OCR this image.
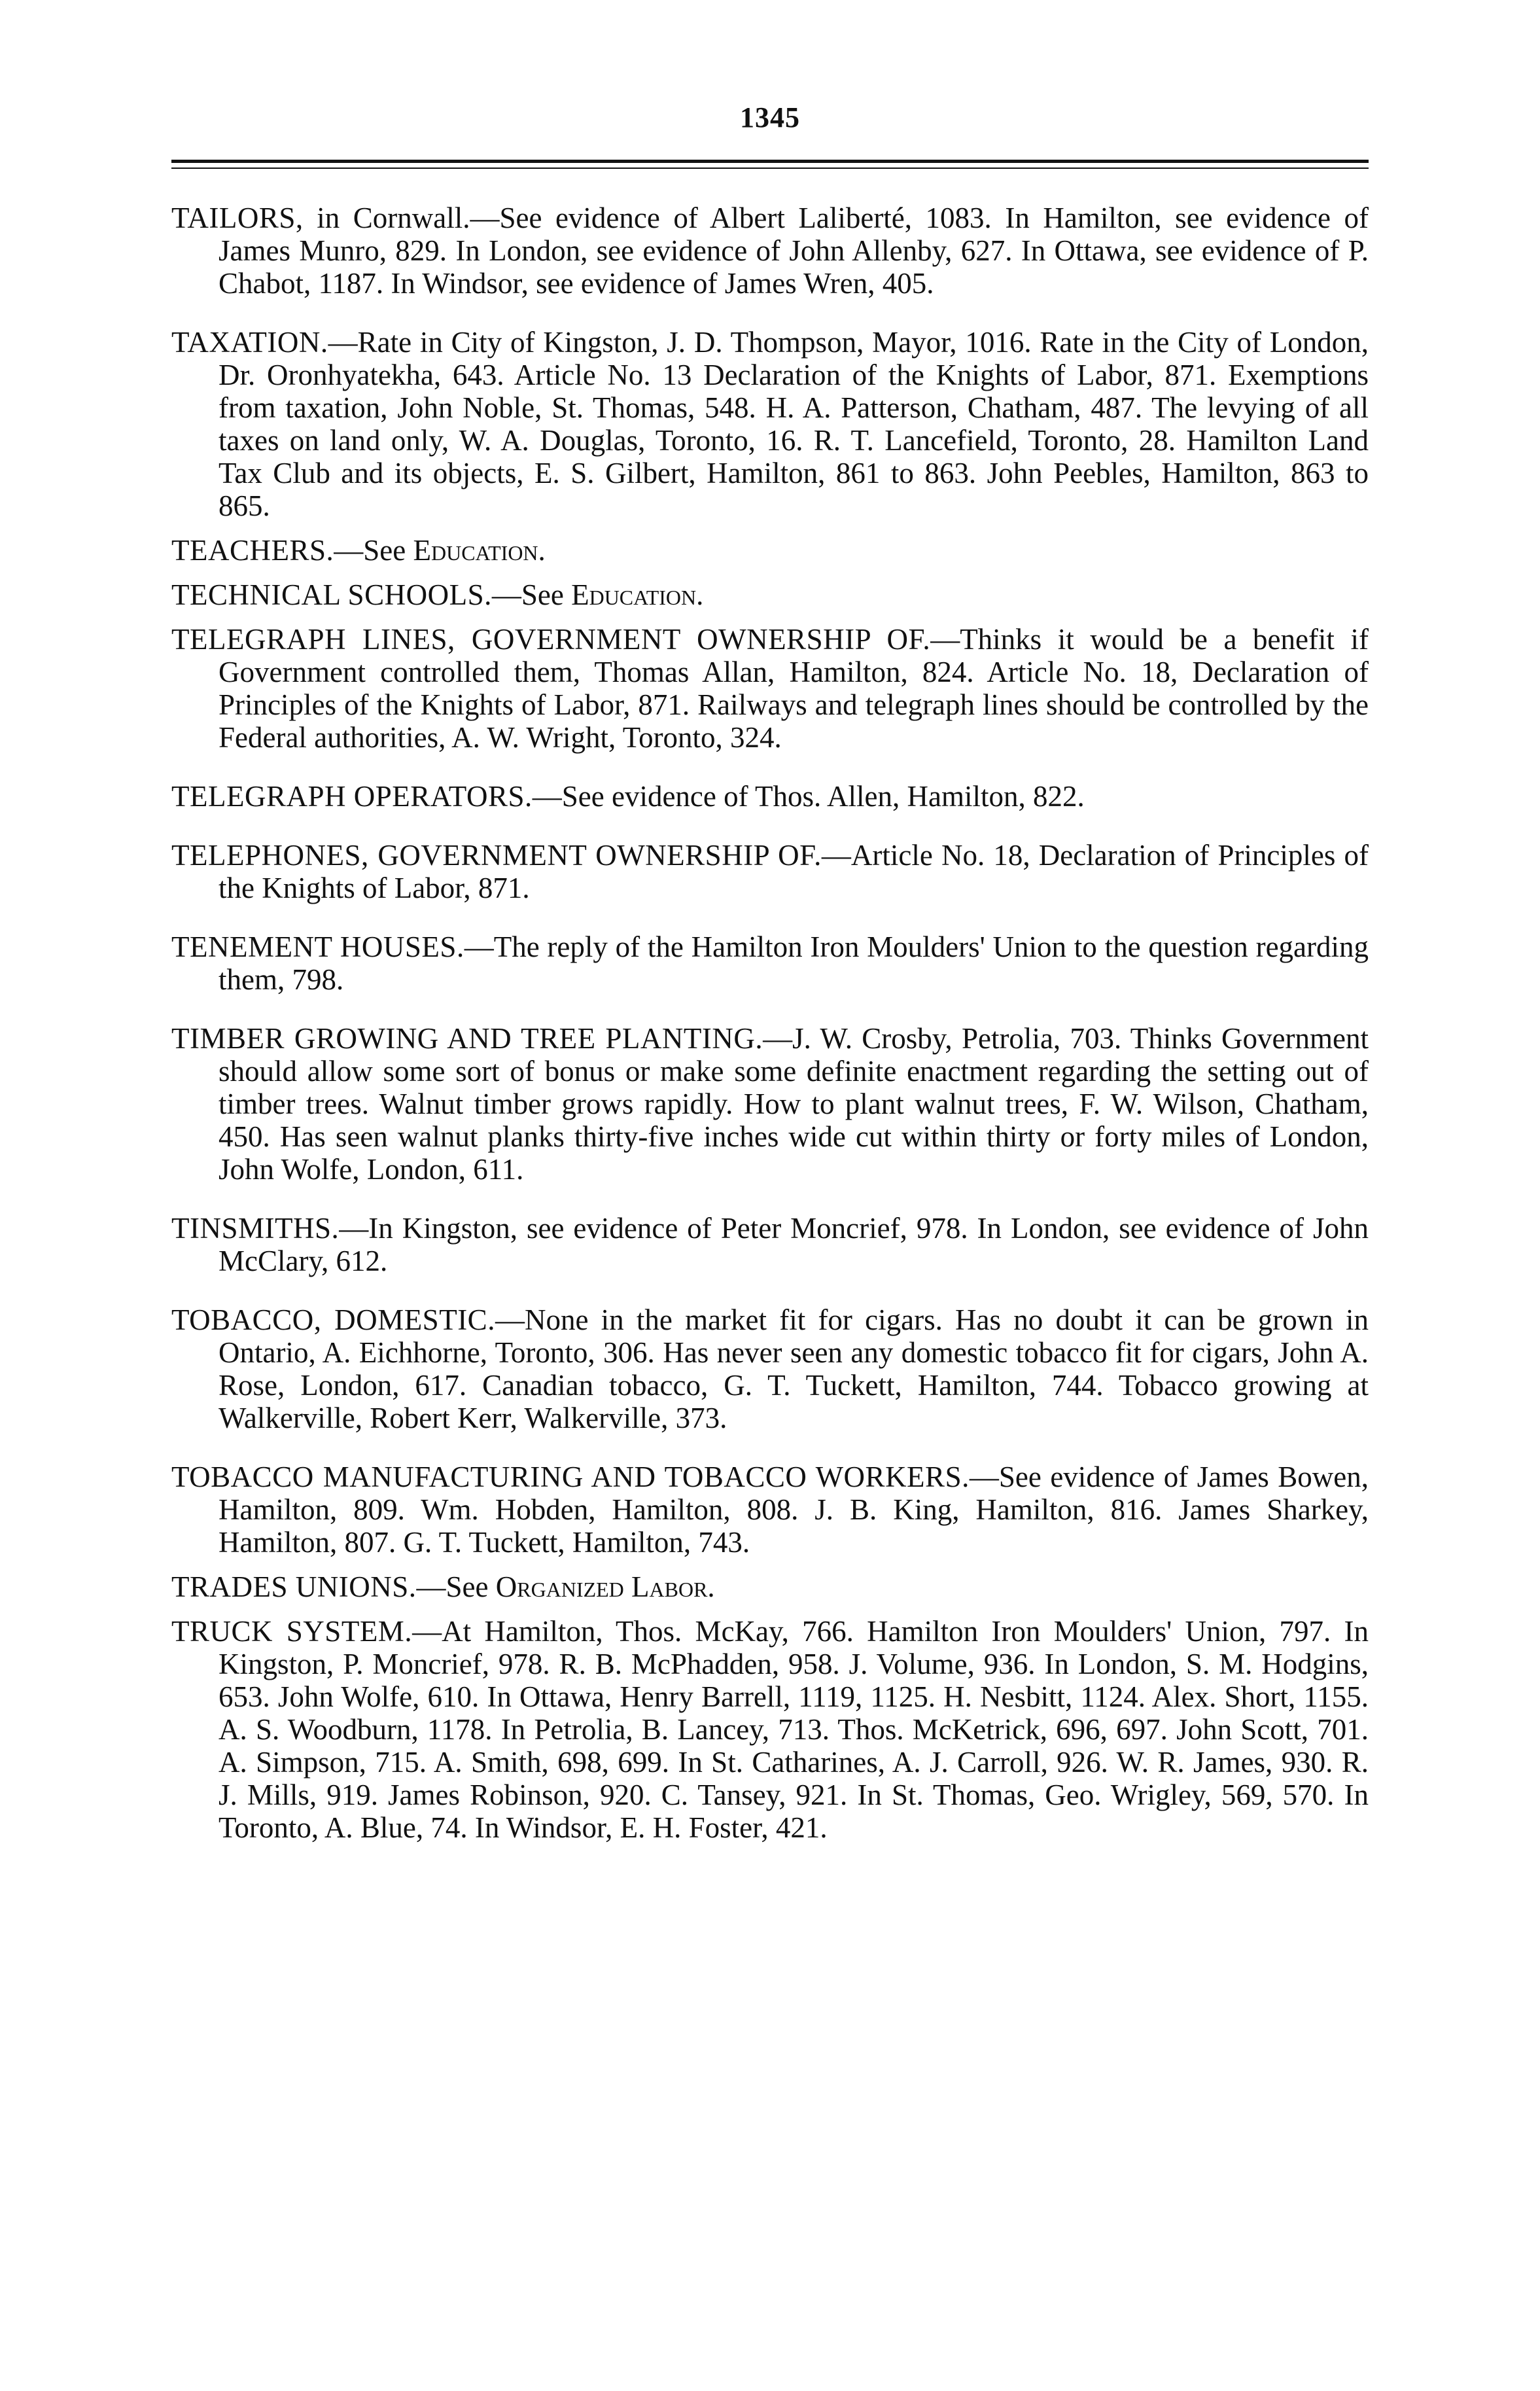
1345

TAILORS, in Cornwall.—See evidence of Albert Laliberté, 1083. In Hamilton, see evidence of James Munro, 829. In London, see evidence of John Allenby, 627. In Ottawa, see evidence of P. Chabot, 1187. In Windsor, see evidence of James Wren, 405.

TAXATION.—Rate in City of Kingston, J. D. Thompson, Mayor, 1016. Rate in the City of London, Dr. Oronhyatekha, 643. Article No. 13 Declaration of the Knights of Labor, 871. Exemptions from taxation, John Noble, St. Thomas, 548. H. A. Patterson, Chatham, 487. The levying of all taxes on land only, W. A. Douglas, Toronto, 16. R. T. Lancefield, Toronto, 28. Hamilton Land Tax Club and its objects, E. S. Gilbert, Hamilton, 861 to 863. John Peebles, Hamilton, 863 to 865.

TEACHERS.—See Education.

TECHNICAL SCHOOLS.—See Education.

TELEGRAPH LINES, GOVERNMENT OWNERSHIP OF.—Thinks it would be a benefit if Government controlled them, Thomas Allan, Hamilton, 824. Article No. 18, Declaration of Principles of the Knights of Labor, 871. Railways and telegraph lines should be controlled by the Federal authorities, A. W. Wright, Toronto, 324.

TELEGRAPH OPERATORS.—See evidence of Thos. Allen, Hamilton, 822.

TELEPHONES, GOVERNMENT OWNERSHIP OF.—Article No. 18, Declaration of Principles of the Knights of Labor, 871.

TENEMENT HOUSES.—The reply of the Hamilton Iron Moulders' Union to the question regarding them, 798.

TIMBER GROWING AND TREE PLANTING.—J. W. Crosby, Petrolia, 703. Thinks Government should allow some sort of bonus or make some definite enactment regarding the setting out of timber trees. Walnut timber grows rapidly. How to plant walnut trees, F. W. Wilson, Chatham, 450. Has seen walnut planks thirty-five inches wide cut within thirty or forty miles of London, John Wolfe, London, 611.

TINSMITHS.—In Kingston, see evidence of Peter Moncrief, 978. In London, see evidence of John McClary, 612.

TOBACCO, DOMESTIC.—None in the market fit for cigars. Has no doubt it can be grown in Ontario, A. Eichhorne, Toronto, 306. Has never seen any domestic tobacco fit for cigars, John A. Rose, London, 617. Canadian tobacco, G. T. Tuckett, Hamilton, 744. Tobacco growing at Walkerville, Robert Kerr, Walkerville, 373.

TOBACCO MANUFACTURING AND TOBACCO WORKERS.—See evidence of James Bowen, Hamilton, 809. Wm. Hobden, Hamilton, 808. J. B. King, Hamilton, 816. James Sharkey, Hamilton, 807. G. T. Tuckett, Hamilton, 743.

TRADES UNIONS.—See Organized Labor.

TRUCK SYSTEM.—At Hamilton, Thos. McKay, 766. Hamilton Iron Moulders' Union, 797. In Kingston, P. Moncrief, 978. R. B. McPhadden, 958. J. Volume, 936. In London, S. M. Hodgins, 653. John Wolfe, 610. In Ottawa, Henry Barrell, 1119, 1125. H. Nesbitt, 1124. Alex. Short, 1155. A. S. Woodburn, 1178. In Petrolia, B. Lancey, 713. Thos. McKetrick, 696, 697. John Scott, 701. A. Simpson, 715. A. Smith, 698, 699. In St. Catharines, A. J. Carroll, 926. W. R. James, 930. R. J. Mills, 919. James Robinson, 920. C. Tansey, 921. In St. Thomas, Geo. Wrigley, 569, 570. In Toronto, A. Blue, 74. In Windsor, E. H. Foster, 421.
